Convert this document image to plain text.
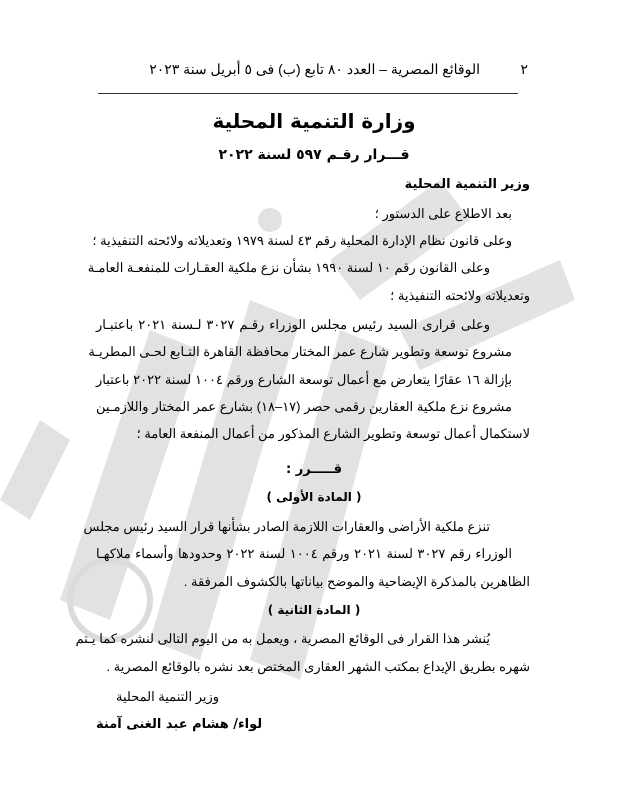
٢
الوقائع المصرية – العدد ٨٠ تابع (ب) فى ٥ أبريل سنة ٢٠٢٣
وزارة التنمية المحلية
قـــرار رقـم ٥٩٧ لسنة ٢٠٢٢
وزير التنمية المحلية
بعد الاطلاع على الدستور ؛
وعلى قانون نظام الإدارة المحلية رقم ٤٣ لسنة ١٩٧٩ وتعديلاته ولائحته التنفيذية ؛
وعلى القانون رقم ١٠ لسنة ١٩٩٠ بشأن نزع ملكية العقـارات للمنفعـة العامـة
وتعديلاته ولائحته التنفيذية ؛
وعلى قرارى السيد رئيس مجلس الوزراء رقـم ٣٠٢٧ لـسنة ٢٠٢١ باعتبـار
مشروع توسعة وتطوير شارع عمر المختار محافظة القاهرة التـابع لحـى المطريـة
بإزالة ١٦ عقارًا يتعارض مع أعمال توسعة الشارع ورقم ١٠٠٤ لسنة ٢٠٢٢ باعتبار
مشروع نزع ملكية العقارين رقمى حصر (١٧–١٨) بشارع عمر المختار واللازمـين
لاستكمال أعمال توسعة وتطوير الشارع المذكور من أعمال المنفعة العامة ؛
قـــــرر :
( المادة الأولى )
تنزع ملكية الأراضى والعقارات اللازمة الصادر بشأنها قرار السيد رئيس مجلس
الوزراء رقم ٣٠٢٧ لسنة ٢٠٢١ ورقم ١٠٠٤ لسنة ٢٠٢٢ وحدودها وأسماء ملاكهـا
الظاهرين بالمذكرة الإيضاحية والموضح بياناتها بالكشوف المرفقة .
( المادة الثانية )
يُنشر هذا القرار فى الوقائع المصرية ، ويعمل به من اليوم التالى لنشره كما يـتم
شهره بطريق الإيداع بمكتب الشهر العقارى المختص بعد نشره بالوقائع المصرية .
وزير التنمية المحلية
لواء/ هشام عبد الغنى آمنة
